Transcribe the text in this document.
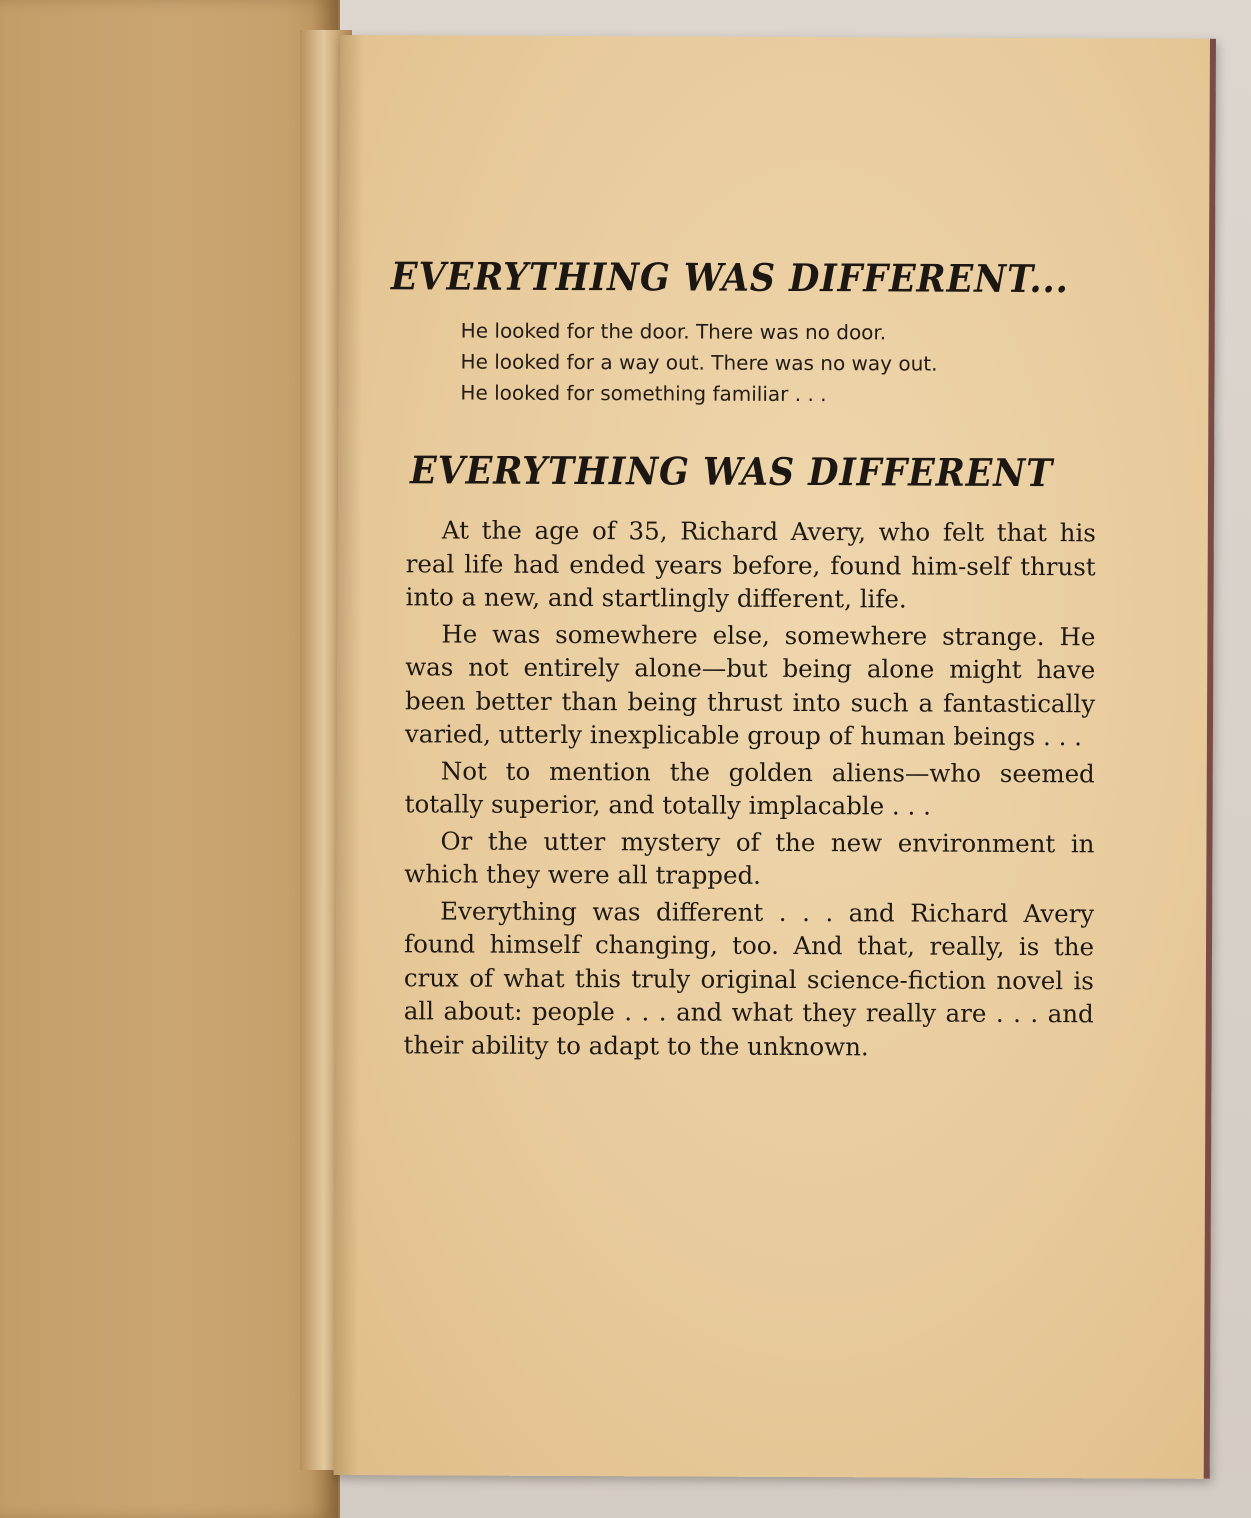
EVERYTHING WAS DIFFERENT...
He looked for the door. There was no door.
He looked for a way out. There was no way out.
He looked for something familiar . . .
EVERYTHING WAS DIFFERENT

At the age of 35, Richard Avery, who felt that his real life had ended years before, found him-self thrust into a new, and startlingly different, life.

He was somewhere else, somewhere strange. He was not entirely alone—but being alone might have been better than being thrust into such a fantastically varied, utterly inexplicable group of human beings . . .

Not to mention the golden aliens—who seemed totally superior, and totally implacable . . .

Or the utter mystery of the new environment in which they were all trapped.

Everything was different . . . and Richard Avery found himself changing, too. And that, really, is the crux of what this truly original science-fiction novel is all about: people . . . and what they really are . . . and their ability to adapt to the unknown.
